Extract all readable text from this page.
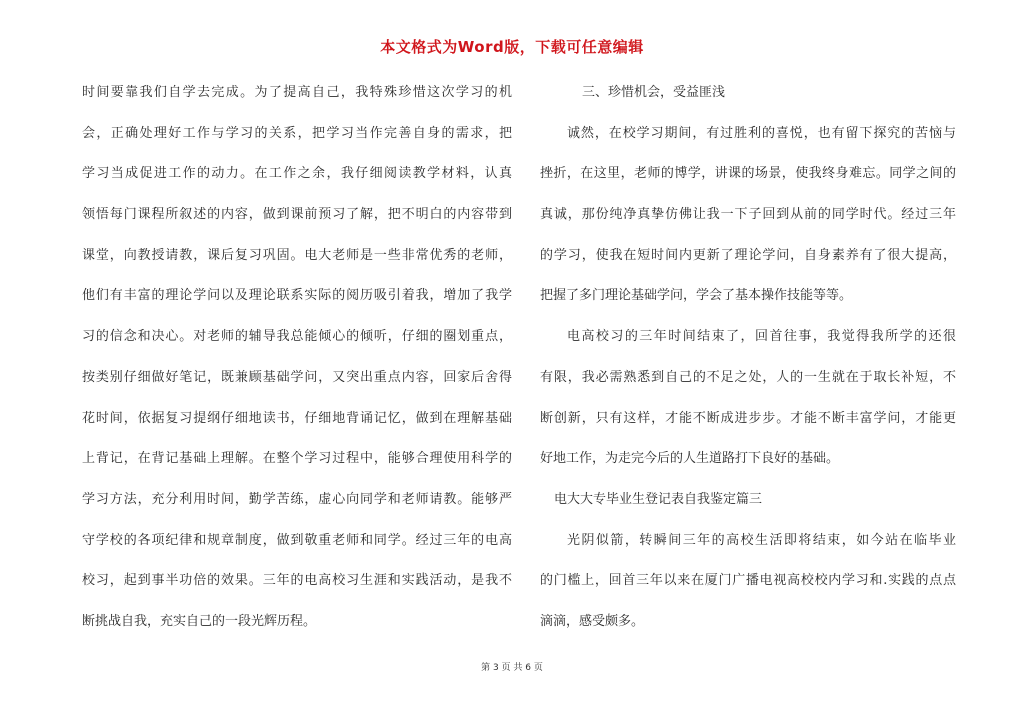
本文格式为Word版，下载可任意编辑
时间要靠我们自学去完成。为了提高自己，我特殊珍惜这次学习的机
会，正确处理好工作与学习的关系，把学习当作完善自身的需求，把
学习当成促进工作的动力。在工作之余，我仔细阅读教学材料，认真
领悟每门课程所叙述的内容，做到课前预习了解，把不明白的内容带到
课堂，向教授请教，课后复习巩固。电大老师是一些非常优秀的老师，
他们有丰富的理论学问以及理论联系实际的阅历吸引着我，增加了我学
习的信念和决心。对老师的辅导我总能倾心的倾听，仔细的圈划重点，
按类别仔细做好笔记，既兼顾基础学问，又突出重点内容，回家后舍得
花时间，依据复习提纲仔细地读书，仔细地背诵记忆，做到在理解基础
上背记，在背记基础上理解。在整个学习过程中，能够合理使用科学的
学习方法，充分利用时间，勤学苦练，虚心向同学和老师请教。能够严
守学校的各项纪律和规章制度，做到敬重老师和同学。经过三年的电高
校习，起到事半功倍的效果。三年的电高校习生涯和实践活动，是我不
断挑战自我，充实自己的一段光辉历程。
三、珍惜机会，受益匪浅
诚然，在校学习期间，有过胜利的喜悦，也有留下探究的苦恼与
挫折，在这里，老师的博学，讲课的场景，使我终身难忘。同学之间的
真诚，那份纯净真挚仿佛让我一下子回到从前的同学时代。经过三年
的学习，使我在短时间内更新了理论学问，自身素养有了很大提高，
把握了多门理论基础学问，学会了基本操作技能等等。
电高校习的三年时间结束了，回首往事，我觉得我所学的还很
有限，我必需熟悉到自己的不足之处，人的一生就在于取长补短，不
断创新，只有这样，才能不断成进步步。才能不断丰富学问，才能更
好地工作，为走完今后的人生道路打下良好的基础。
电大大专毕业生登记表自我鉴定篇三
光阴似箭，转瞬间三年的高校生活即将结束，如今站在临毕业
的门槛上，回首三年以来在厦门广播电视高校校内学习和.实践的点点
滴滴，感受颇多。
第 3 页 共 6 页
